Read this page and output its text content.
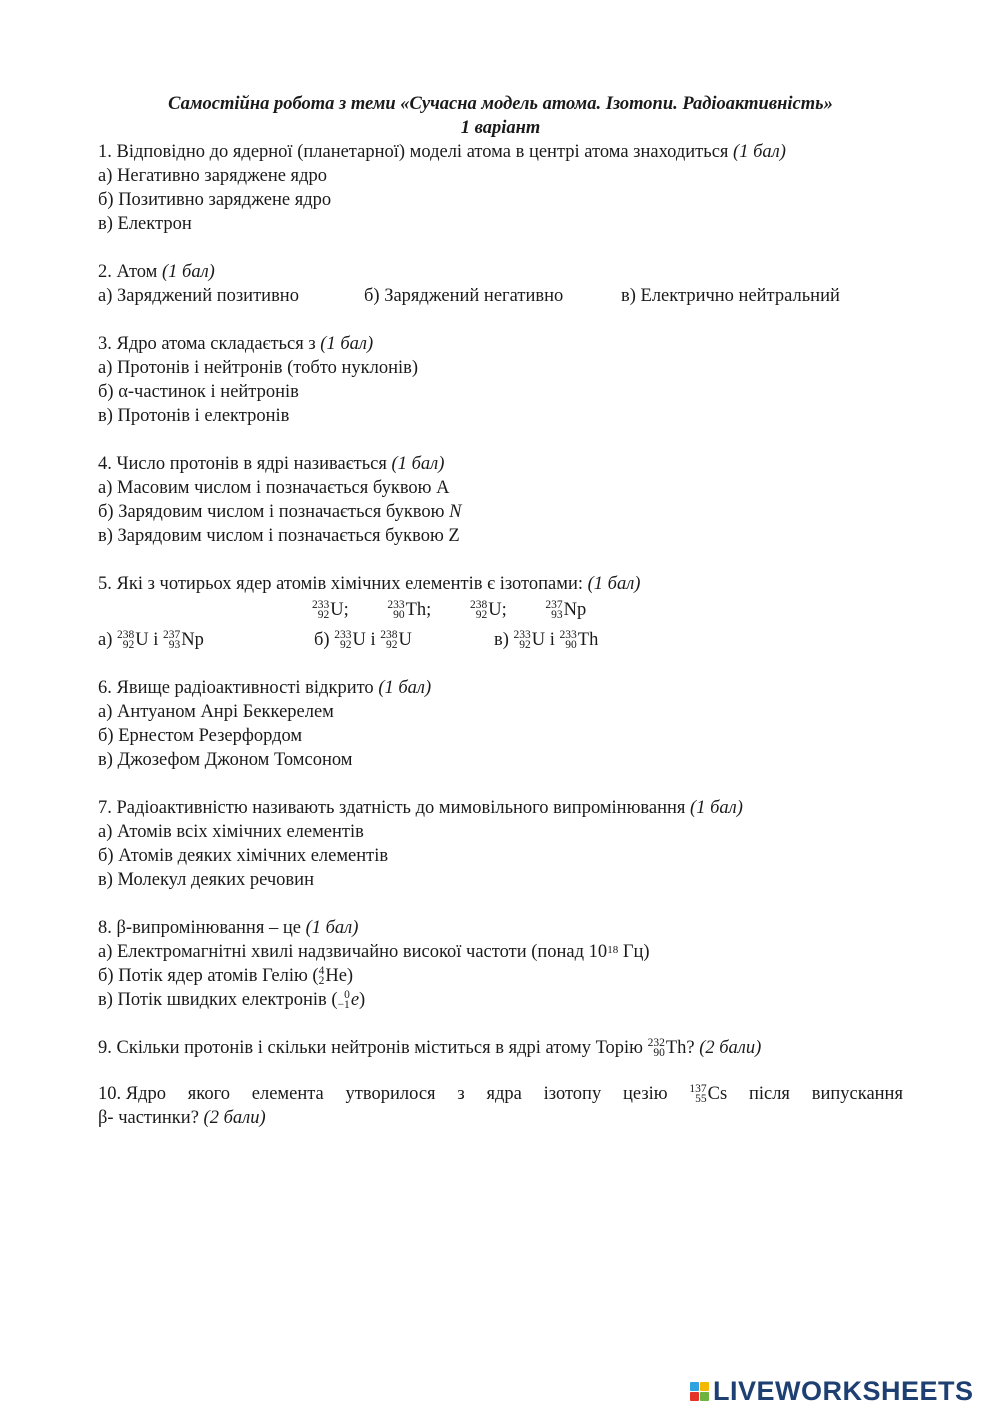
Самостійна робота з теми «Сучасна модель атома. Ізотопи. Радіоактивність»
1 варіант
1. Відповідно до ядерної (планетарної) моделі атома в центрі атома знаходиться (1 бал)
а) Негативно заряджене ядро
б) Позитивно заряджене ядро
в) Електрон
2. Атом (1 бал)
а) Заряджений позитивно	б) Заряджений негативно	в) Електрично нейтральний
3. Ядро атома складається з (1 бал)
а) Протонів і нейтронів (тобто нуклонів)
б) α-частинок і нейтронів
в) Протонів і електронів
4. Число протонів в ядрі називається (1 бал)
а) Масовим числом і позначається буквою А
б) Зарядовим числом і позначається буквою N
в) Зарядовим числом і позначається буквою Z
5. Які з чотирьох ядер атомів хімічних елементів є ізотопами: (1 бал)
233
92 U;
	233
90 Th;
	238
92 U;
	237
93 Np
а) 238
92 U і 237
93 Np	б) 233
92 U і 238
92 U	в) 233
92 U і 233
90 Th
6. Явище радіоактивності відкрито (1 бал)
а) Антуаном Анрі Беккерелем
б) Ернестом Резерфордом
в) Джозефом Джоном Томсоном
7. Радіоактивністю називають здатність до мимовільного випромінювання (1 бал)
а) Атомів всіх хімічних елементів
б) Атомів деяких хімічних елементів
в) Молекул деяких речовин
8. β-випромінювання – це (1 бал)
а) Електромагнітні хвилі надзвичайно високої частоти (понад $10^{18}$ Гц)
б) Потік ядер атомів Гелію ( 4
2 He )
в) Потік швидких електронів ( 0
−1 e )
9. Скільки протонів і скільки нейтронів міститься в ядрі атому Торію 232
90 Th? (2 бали)
10. Ядро якого елемента утворилося з ядра ізотопу цезію 137
55 Cs після випускання
β- частинки? (2 бали)
LIVEWORKSHEETS
